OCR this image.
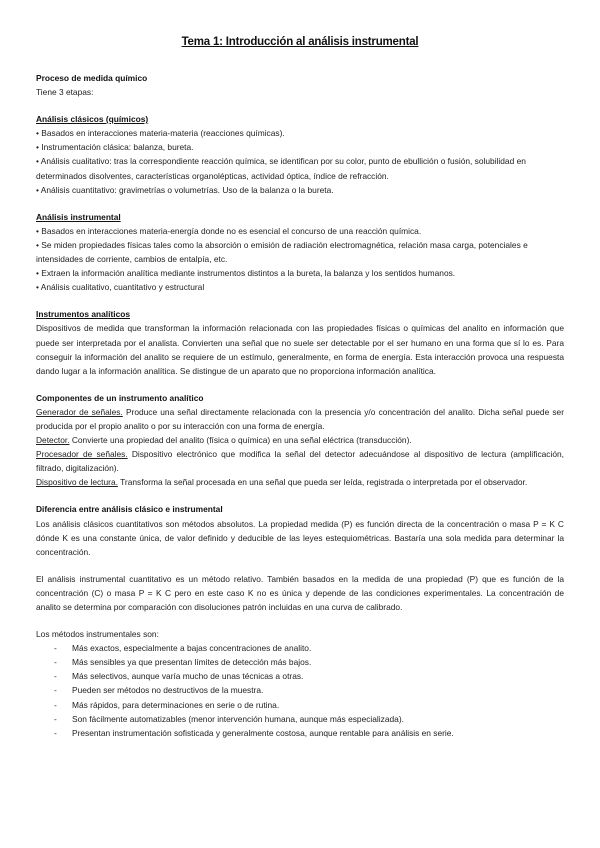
Tema 1: Introducción al análisis instrumental

Proceso de medida químico

Tiene 3 etapas:

Análisis clásicos (químicos)

• Basados en interacciones materia-materia (reacciones químicas).

• Instrumentación clásica: balanza, bureta.

• Análisis cualitativo: tras la correspondiente reacción química, se identifican por su color, punto de ebullición o fusión, solubilidad en determinados disolventes, características organolépticas, actividad óptica, índice de refracción.

• Análisis cuantitativo: gravimetrías o volumetrías. Uso de la balanza o la bureta.

Análisis instrumental

• Basados en interacciones materia-energía donde no es esencial el concurso de una reacción química.

• Se miden propiedades físicas tales como la absorción o emisión de radiación electromagnética, relación masa carga, potenciales e intensidades de corriente, cambios de entalpía, etc.

• Extraen la información analítica mediante instrumentos distintos a la bureta, la balanza y los sentidos humanos.

• Análisis cualitativo, cuantitativo y estructural

Instrumentos analíticos

Dispositivos de medida que transforman la información relacionada con las propiedades físicas o químicas del analito en información que puede ser interpretada por el analista. Convierten una señal que no suele ser detectable por el ser humano en una forma que sí lo es. Para conseguir la información del analito se requiere de un estímulo, generalmente, en forma de energía. Esta interacción provoca una respuesta dando lugar a la información analítica. Se distingue de un aparato que no proporciona información analítica.

Componentes de un instrumento analítico

Generador de señales. Produce una señal directamente relacionada con la presencia y/o concentración del analito. Dicha señal puede ser producida por el propio analito o por su interacción con una forma de energía.

Detector. Convierte una propiedad del analito (física o química) en una señal eléctrica (transducción).

Procesador de señales. Dispositivo electrónico que modifica la señal del detector adecuándose al dispositivo de lectura (amplificación, filtrado, digitalización).

Dispositivo de lectura. Transforma la señal procesada en una señal que pueda ser leída, registrada o interpretada por el observador.

Diferencia entre análisis clásico e instrumental

Los análisis clásicos cuantitativos son métodos absolutos. La propiedad medida (P) es función directa de la concentración o masa P = K C dónde K es una constante única, de valor definido y deducible de las leyes estequiométricas. Bastaría una sola medida para determinar la concentración.

El análisis instrumental cuantitativo es un método relativo. También basados en la medida de una propiedad (P) que es función de la concentración (C) o masa P = K C pero en este caso K no es única y depende de las condiciones experimentales. La concentración de analito se determina por comparación con disoluciones patrón incluidas en una curva de calibrado.

Los métodos instrumentales son:

- Más exactos, especialmente a bajas concentraciones de analito.
- Más sensibles ya que presentan límites de detección más bajos.
- Más selectivos, aunque varía mucho de unas técnicas a otras.
- Pueden ser métodos no destructivos de la muestra.
- Más rápidos, para determinaciones en serie o de rutina.
- Son fácilmente automatizables (menor intervención humana, aunque más especializada).
- Presentan instrumentación sofisticada y generalmente costosa, aunque rentable para análisis en serie.
